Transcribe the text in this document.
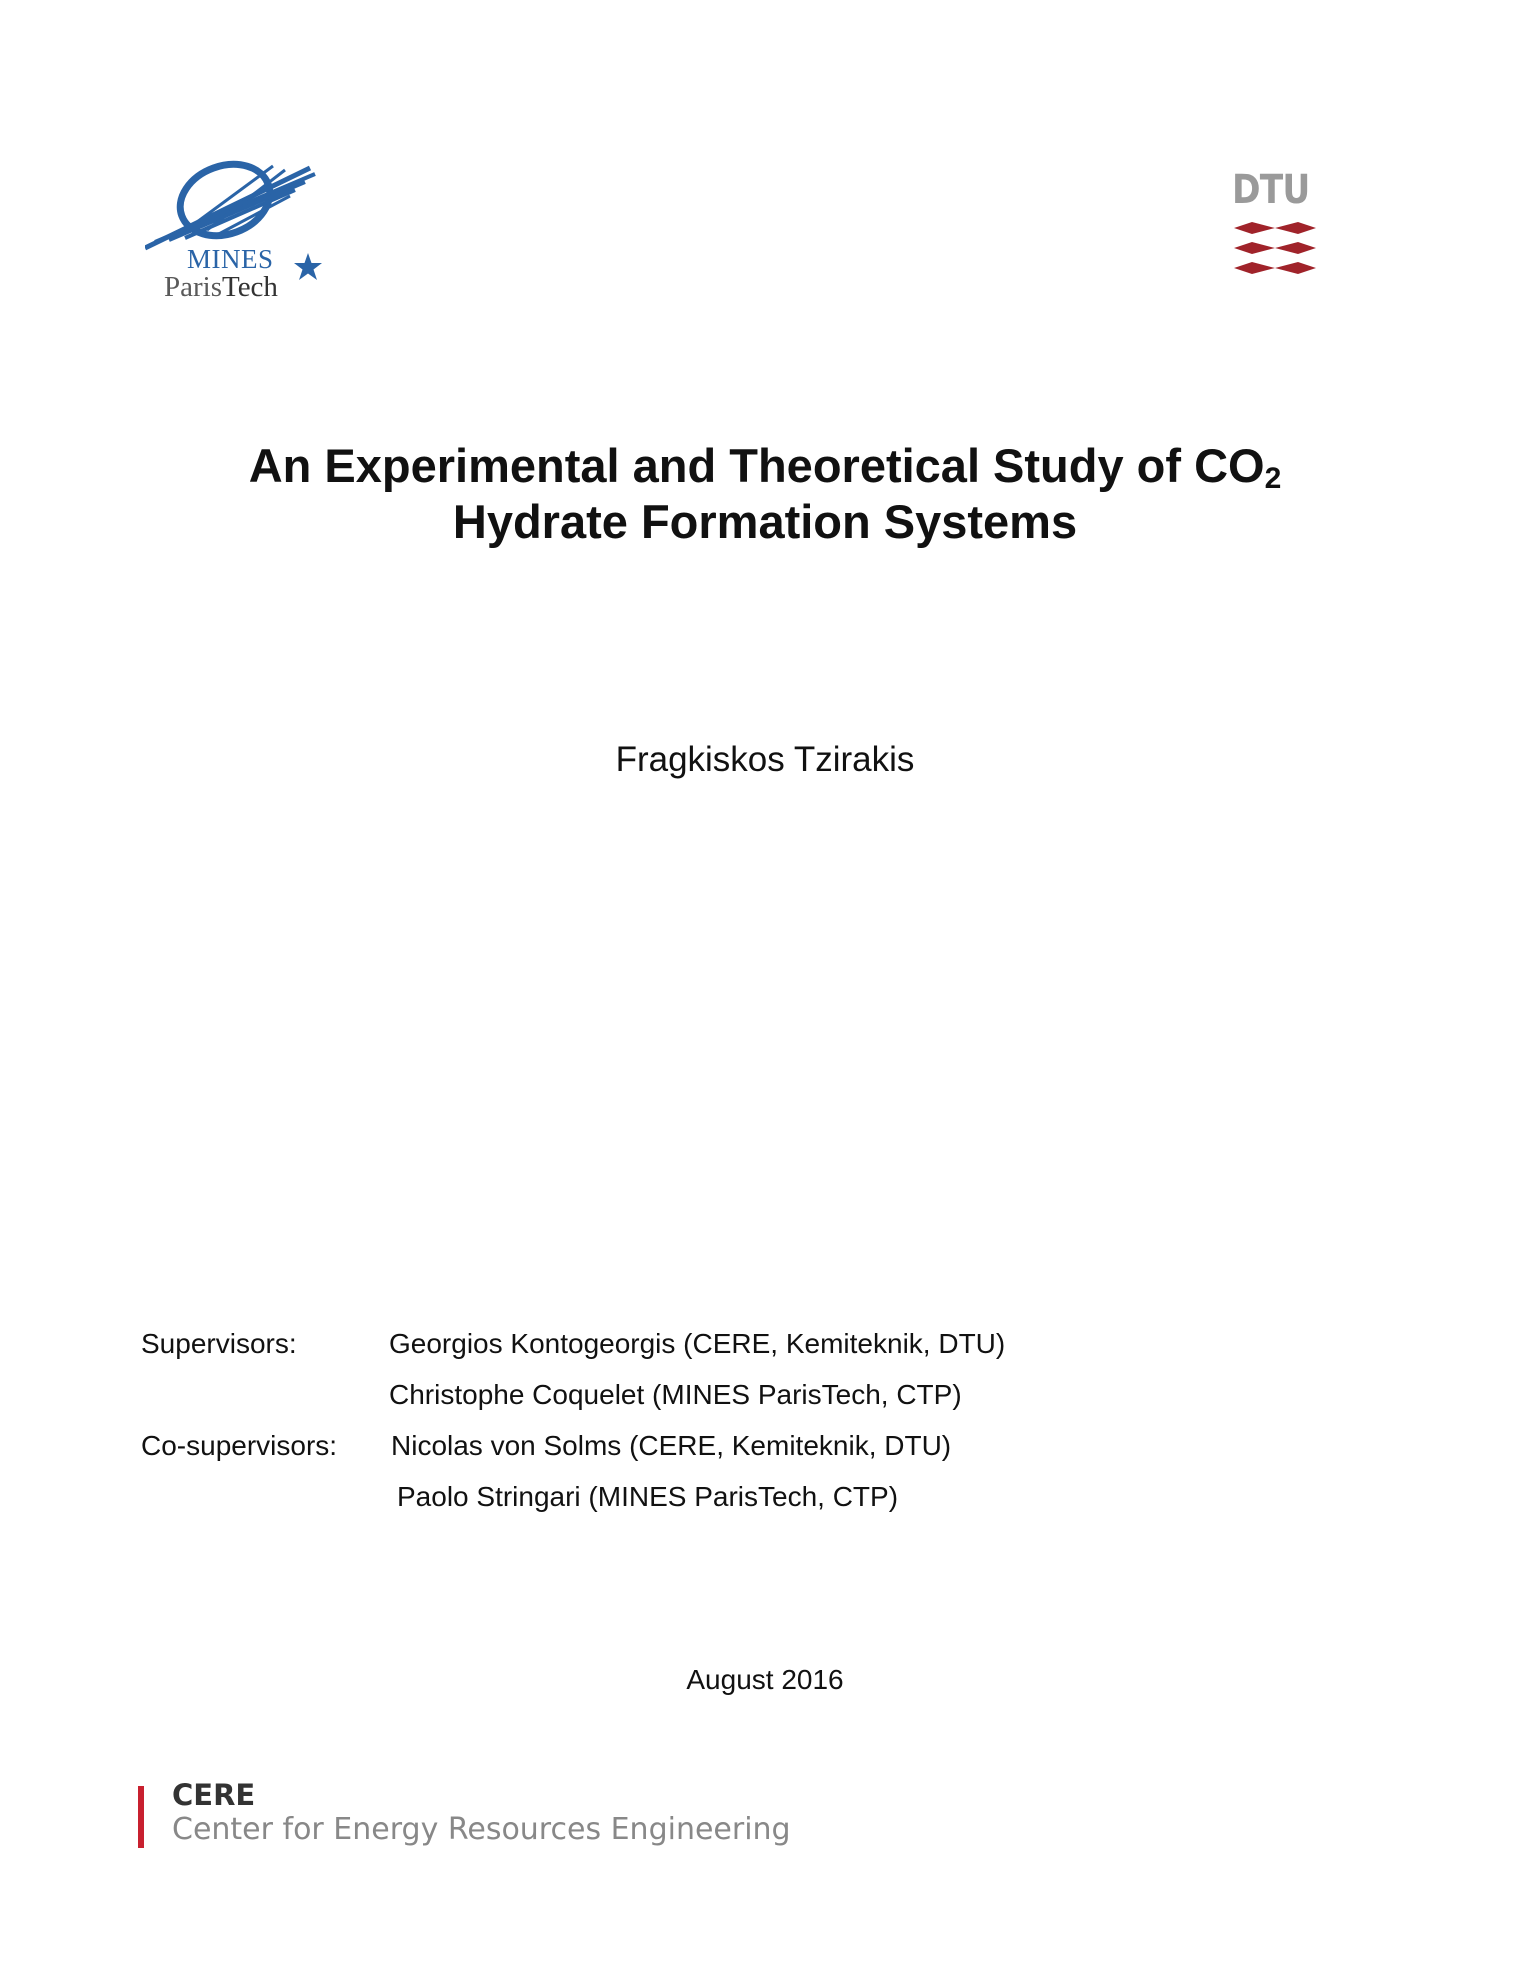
MINES
ParisTech
DTU
An Experimental and Theoretical Study of $CO_2$
Hydrate Formation Systems
Fragkiskos Tzirakis
Supervisors:	Georgios Kontogeorgis (CERE, Kemiteknik, DTU)
Christophe Coquelet (MINES ParisTech, CTP)
Co-supervisors: Nicolas von Solms (CERE, Kemiteknik, DTU)
Paolo Stringari (MINES ParisTech, CTP)
August 2016
CERE
Center for Energy Resources Engineering
